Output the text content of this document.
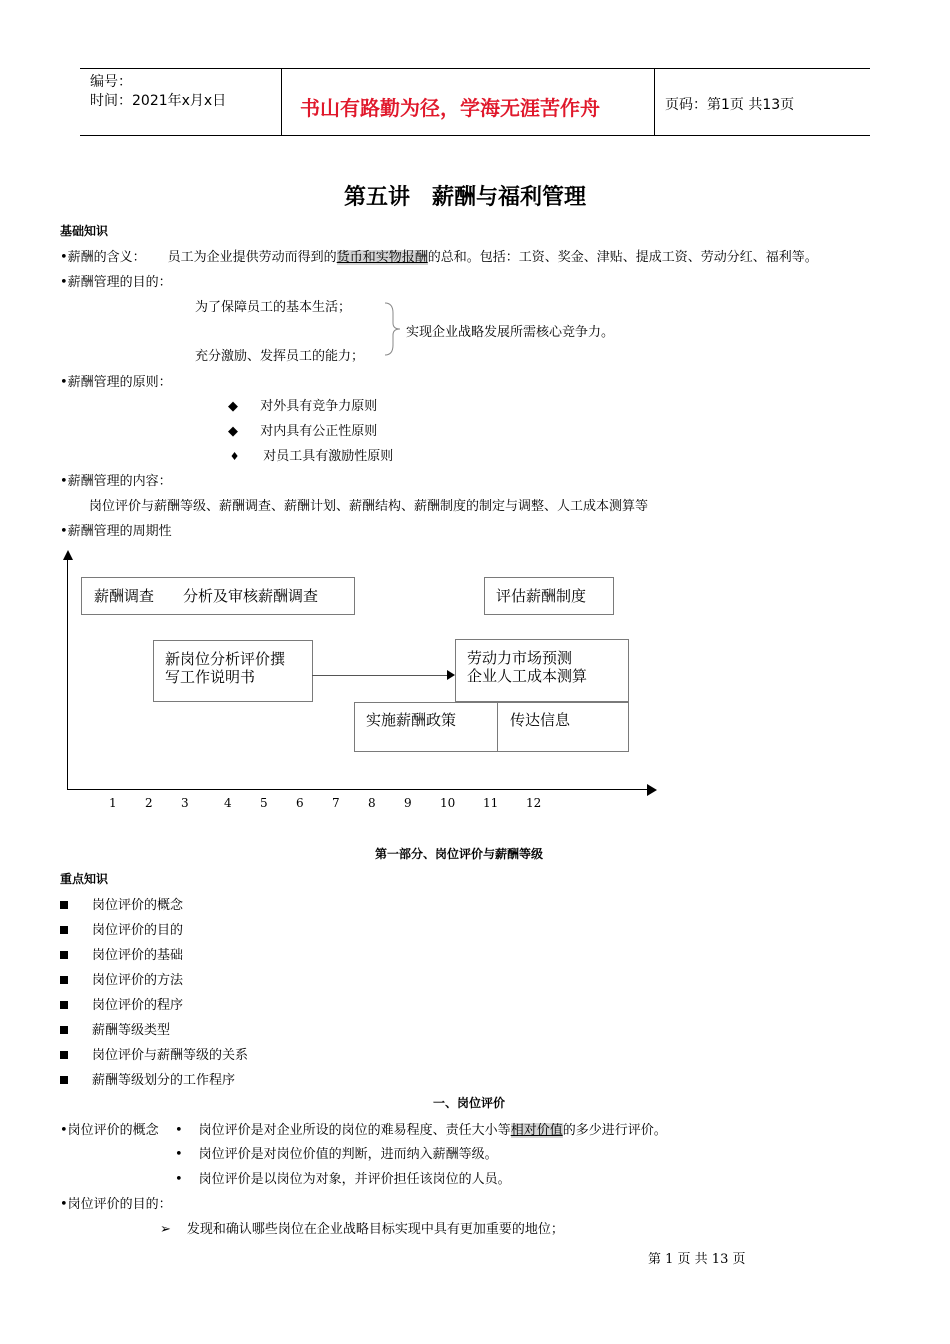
编号：
时间：2021年x月x日	书山有路勤为径，学海无涯苦作舟	页码：第1页 共13页
第五讲　薪酬与福利管理
基础知识
•薪酬的含义： 员工为企业提供劳动而得到的货币和实物报酬的总和。包括：工资、奖金、津贴、提成工资、劳动分红、福利等。
•薪酬管理的目的：
为了保障员工的基本生活；
充分激励、发挥员工的能力；
实现企业战略发展所需核心竞争力。
•薪酬管理的原则：
◆ 对外具有竞争力原则
◆ 对内具有公正性原则
♦ 对员工具有激励性原则
•薪酬管理的内容：
岗位评价与薪酬等级、薪酬调查、薪酬计划、薪酬结构、薪酬制度的制定与调整、人工成本测算等
•薪酬管理的周期性
薪酬调查 分析及审核薪酬调查	评估薪酬制度
新岗位分析评价撰
写工作说明书
劳动力市场预测
企业人工成本测算
实施薪酬政策	传达信息
1 2 3	4 5 6 7 8 9 10 11 12
第一部分、岗位评价与薪酬等级
重点知识
岗位评价的概念
岗位评价的目的
岗位评价的基础
岗位评价的方法
岗位评价的程序
薪酬等级类型
岗位评价与薪酬等级的关系
薪酬等级划分的工作程序
一、岗位评价
•岗位评价的概念 • 岗位评价是对企业所设的岗位的难易程度、责任大小等相对价值的多少进行评价。
• 岗位评价是对岗位价值的判断，进而纳入薪酬等级。
• 岗位评价是以岗位为对象，并评价担任该岗位的人员。
•岗位评价的目的：
➢ 发现和确认哪些岗位在企业战略目标实现中具有更加重要的地位；
第 1 页 共 13 页
